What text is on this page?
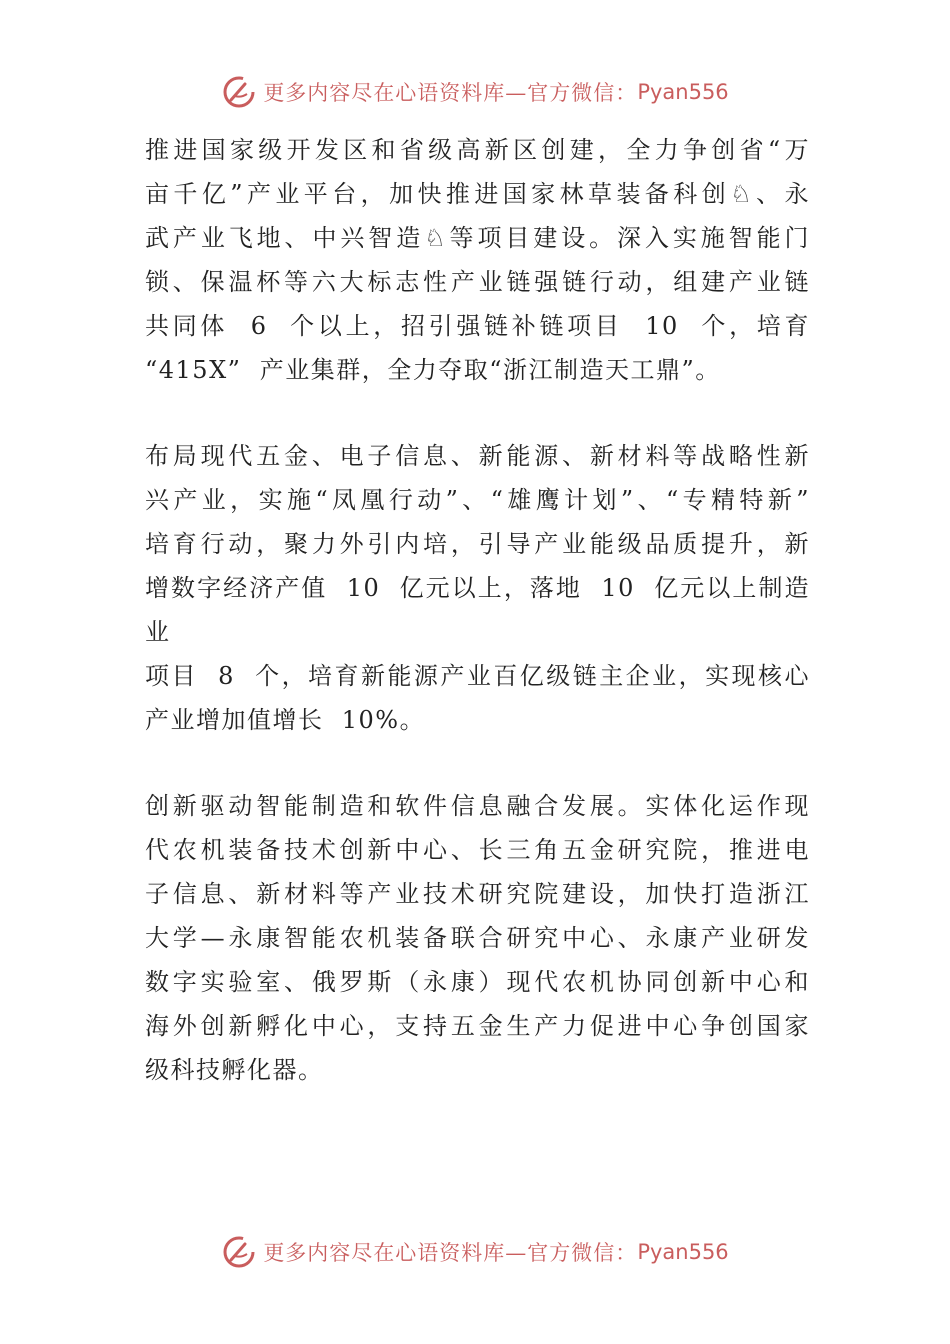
更多内容尽在心语资料库—官方微信： Pyan556
推进国家级开发区和省级高新区创建，全力争创省“万
亩千亿”产业平台，加快推进国家林草装备科创♘、永
武产业飞地、中兴智造♘等项目建设。深入实施智能门
锁、保温杯等六大标志性产业链强链行动，组建产业链
共同体  6  个以上，招引强链补链项目  10  个，培育
“415X”  产业集群，全力夺取“浙江制造天工鼎”。
布局现代五金、电子信息、新能源、新材料等战略性新
兴产业，实施“凤凰行动”、“雄鹰计划”、“专精特新”
培育行动，聚力外引内培，引导产业能级品质提升，新
增数字经济产值  10  亿元以上，落地  10  亿元以上制造
业
项目  8  个，培育新能源产业百亿级链主企业，实现核心
产业增加值增长  10%。
创新驱动智能制造和软件信息融合发展。实体化运作现
代农机装备技术创新中心、长三角五金研究院，推进电
子信息、新材料等产业技术研究院建设，加快打造浙江
大学—永康智能农机装备联合研究中心、永康产业研发
数字实验室、俄罗斯（永康）现代农机协同创新中心和
海外创新孵化中心，支持五金生产力促进中心争创国家
级科技孵化器。
更多内容尽在心语资料库—官方微信： Pyan556
